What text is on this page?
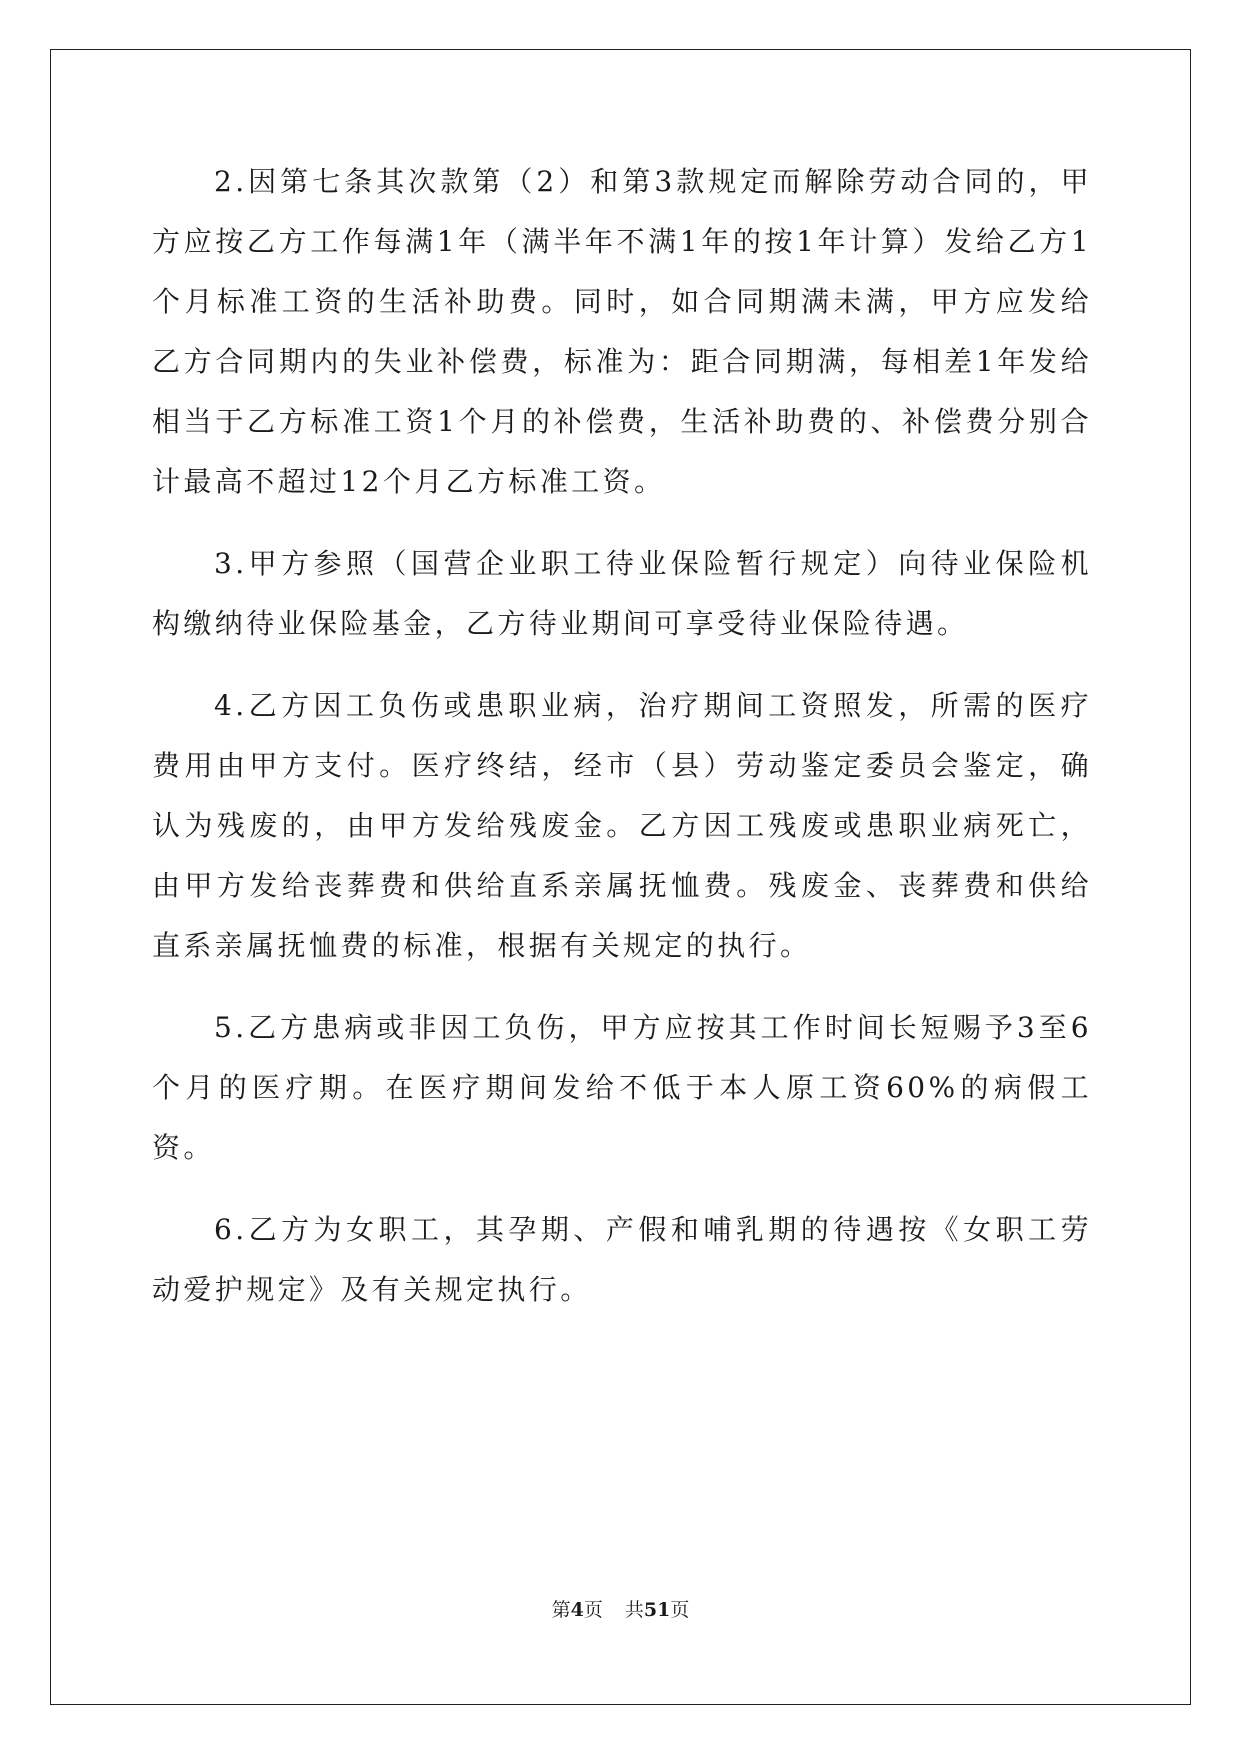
2.因第七条其次款第（2）和第3款规定而解除劳动合同的，甲方应按乙方工作每满1年（满半年不满1年的按1年计算）发给乙方1个月标准工资的生活补助费。同时，如合同期满未满，甲方应发给乙方合同期内的失业补偿费，标准为：距合同期满，每相差1年发给相当于乙方标准工资1个月的补偿费，生活补助费的、补偿费分别合计最高不超过12个月乙方标准工资。

3.甲方参照（国营企业职工待业保险暂行规定）向待业保险机构缴纳待业保险基金，乙方待业期间可享受待业保险待遇。

4.乙方因工负伤或患职业病，治疗期间工资照发，所需的医疗费用由甲方支付。医疗终结，经市（县）劳动鉴定委员会鉴定，确认为残废的，由甲方发给残废金。乙方因工残废或患职业病死亡，由甲方发给丧葬费和供给直系亲属抚恤费。残废金、丧葬费和供给直系亲属抚恤费的标准，根据有关规定的执行。

5.乙方患病或非因工负伤，甲方应按其工作时间长短赐予3至6个月的医疗期。在医疗期间发给不低于本人原工资60%的病假工资。

6.乙方为女职工，其孕期、产假和哺乳期的待遇按《女职工劳动爱护规定》及有关规定执行。

第4页 共51页
